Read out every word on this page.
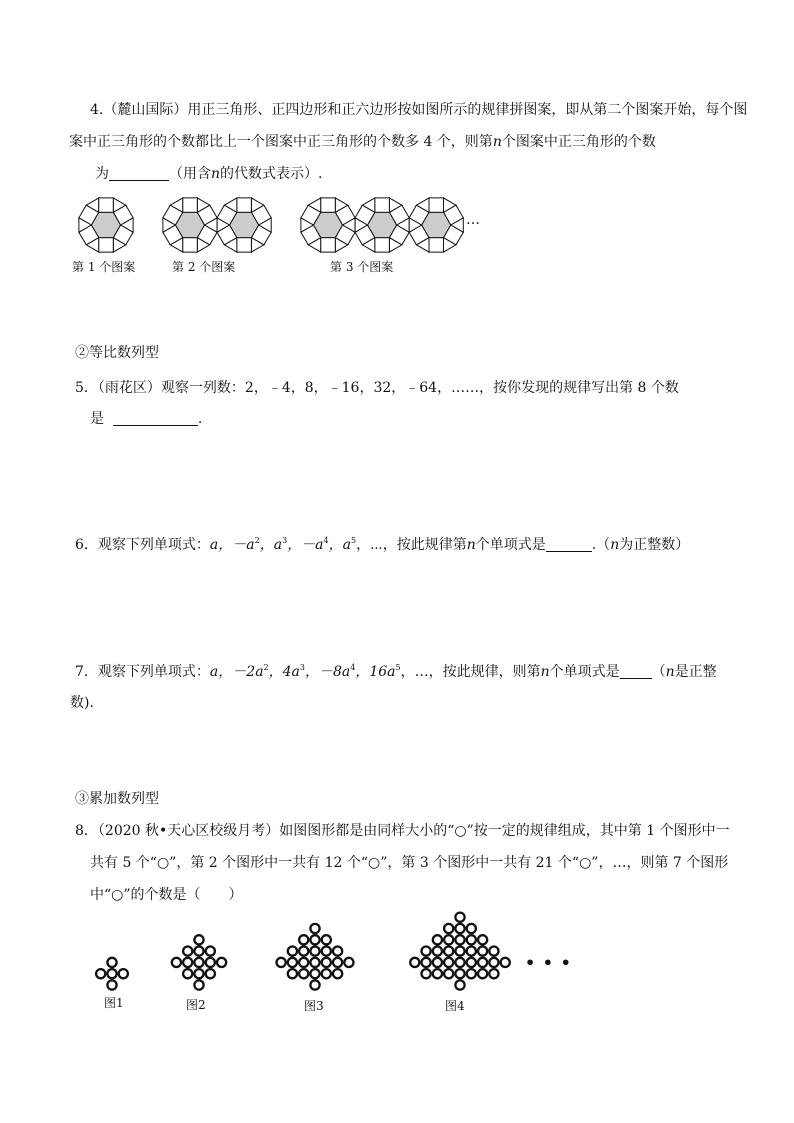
4.（麓山国际）用正三角形、正四边形和正六边形按如图所示的规律拼图案，即从第二个图案开始，每个图
案中正三角形的个数都比上一个图案中正三角形的个数多 4 个，则第n个图案中正三角形的个数
为	（用含n的代数式表示）.
第 1 个图案	第 2 个图案	第 3 个图案
…
②等比数列型
5．（雨花区）观察一列数：2，﹣4，8，﹣16，32，﹣64，……，按你发现的规律写出第 8 个数
是	.
6．观察下列单项式：a，$-a^2$，$a^3$，$-a^4$，$a^5$，⋯，按此规律第n个单项式是	.（n为正整数）
7．观察下列单项式：a，$-2a^2$，$4a^3$，$-8a^4$，$16a^5$，…，按此规律，则第n个单项式是 （n是正整
数).
③累加数列型
8．（2020 秋•天心区校级月考）如图图形都是由同样大小的“○”按一定的规律组成，其中第 1 个图形中一
共有 5 个“○”，第 2 个图形中一共有 12 个“○”，第 3 个图形中一共有 21 个“○”，…，则第 7 个图形
中“○”的个数是（　　）
图1	图2	图3	图4
• • •
